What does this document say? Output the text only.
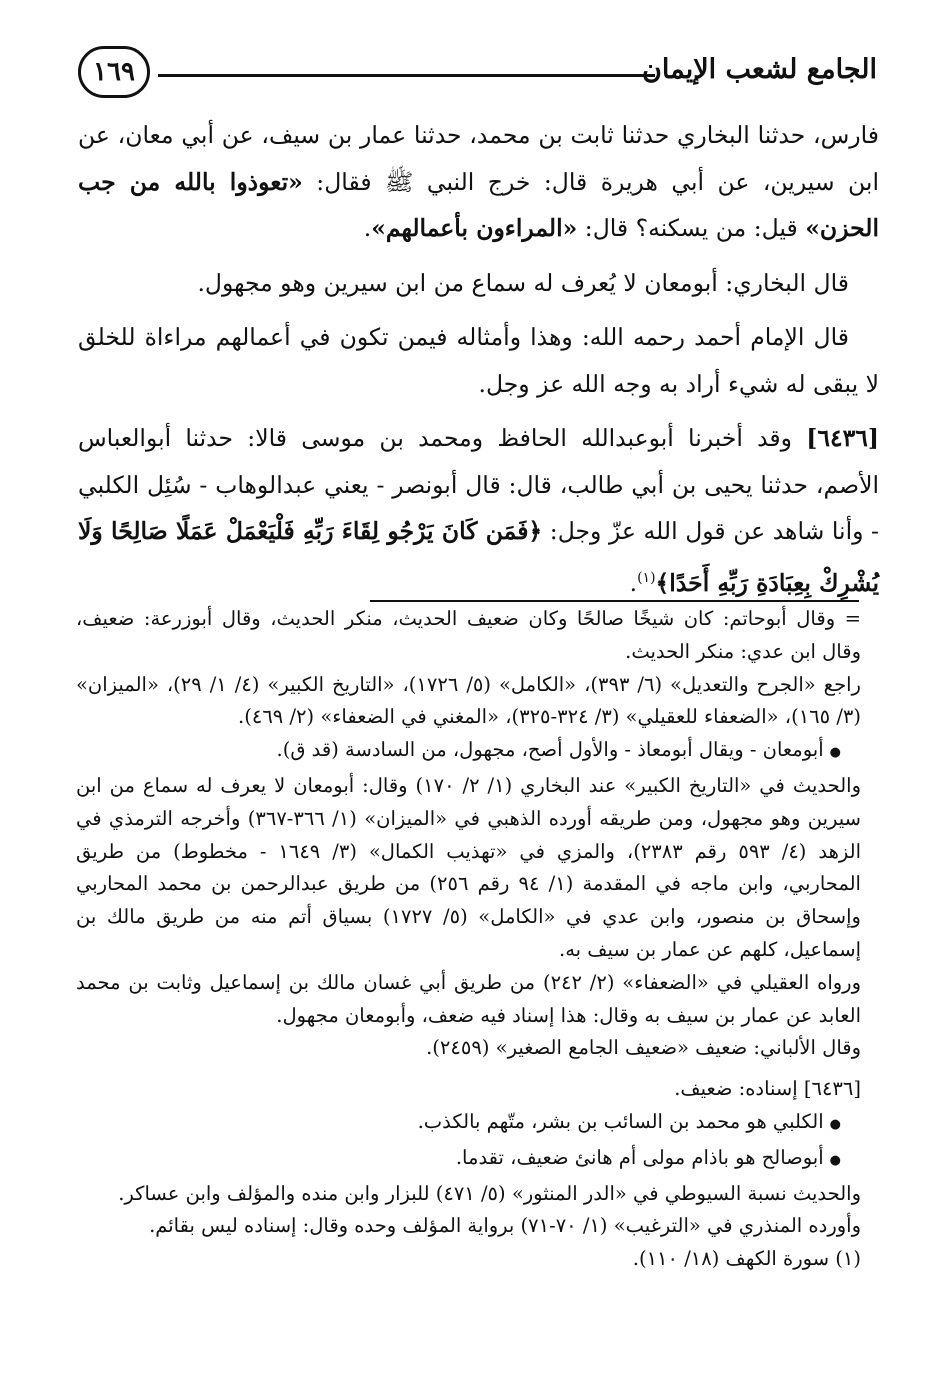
الجامع لشعب الإيمان
١٦٩

فارس، حدثنا البخاري حدثنا ثابت بن محمد، حدثنا عمار بن سيف، عن أبي معان، عن ابن سيرين، عن أبي هريرة قال: خرج النبي ﷺ فقال: «تعوذوا بالله من جب الحزن» قيل: من يسكنه؟ قال: «المراءون بأعمالهم».

قال البخاري: أبومعان لا يُعرف له سماع من ابن سيرين وهو مجهول.

قال الإمام أحمد رحمه الله: وهذا وأمثاله فيمن تكون في أعمالهم مراءاة للخلق لا يبقى له شيء أراد به وجه الله عز وجل.

[٦٤٣٦] وقد أخبرنا أبوعبدالله الحافظ ومحمد بن موسى قالا: حدثنا أبوالعباس الأصم، حدثنا يحيى بن أبي طالب، قال: قال أبونصر - يعني عبدالوهاب - سُئِل الكلبي - وأنا شاهد عن قول الله عزّ وجل: ﴿فَمَن كَانَ يَرْجُو لِقَاءَ رَبِّهِ فَلْيَعْمَلْ عَمَلًا صَالِحًا وَلَا يُشْرِكْ بِعِبَادَةِ رَبِّهِ أَحَدًا﴾$^{(١)}$.

= وقال أبوحاتم: كان شيخًا صالحًا وكان ضعيف الحديث، منكر الحديث، وقال أبوزرعة: ضعيف، وقال ابن عدي: منكر الحديث.

راجع «الجرح والتعديل» (٦/ ٣٩٣)، «الكامل» (٥/ ١٧٢٦)، «التاريخ الكبير» (٤/ ١/ ٢٩)، «الميزان» (٣/ ١٦٥)، «الضعفاء للعقيلي» (٣/ ٣٢٤-٣٢٥)، «المغني في الضعفاء» (٢/ ٤٦٩).

● أبومعان - ويقال أبومعاذ - والأول أصح، مجهول، من السادسة (قد ق).

والحديث في «التاريخ الكبير» عند البخاري (١/ ٢/ ١٧٠) وقال: أبومعان لا يعرف له سماع من ابن سيرين وهو مجهول، ومن طريقه أورده الذهبي في «الميزان» (١/ ٣٦٦-٣٦٧) وأخرجه الترمذي في الزهد (٤/ ٥٩٣ رقم ٢٣٨٣)، والمزي في «تهذيب الكمال» (٣/ ١٦٤٩ - مخطوط) من طريق المحاربي، وابن ماجه في المقدمة (١/ ٩٤ رقم ٢٥٦) من طريق عبدالرحمن بن محمد المحاربي وإسحاق بن منصور، وابن عدي في «الكامل» (٥/ ١٧٢٧) بسياق أتم منه من طريق مالك بن إسماعيل، كلهم عن عمار بن سيف به.

ورواه العقيلي في «الضعفاء» (٢/ ٢٤٢) من طريق أبي غسان مالك بن إسماعيل وثابت بن محمد العابد عن عمار بن سيف به وقال: هذا إسناد فيه ضعف، وأبومعان مجهول.

وقال الألباني: ضعيف «ضعيف الجامع الصغير» (٢٤٥٩).

[٦٤٣٦] إسناده: ضعيف.

● الكلبي هو محمد بن السائب بن بشر، متّهم بالكذب.

● أبوصالح هو باذام مولى أم هانئ ضعيف، تقدما.

والحديث نسبة السيوطي في «الدر المنثور» (٥/ ٤٧١) للبزار وابن منده والمؤلف وابن عساكر.

وأورده المنذري في «الترغيب» (١/ ٧٠-٧١) برواية المؤلف وحده وقال: إسناده ليس بقائم.

(١) سورة الكهف (١٨/ ١١٠).
